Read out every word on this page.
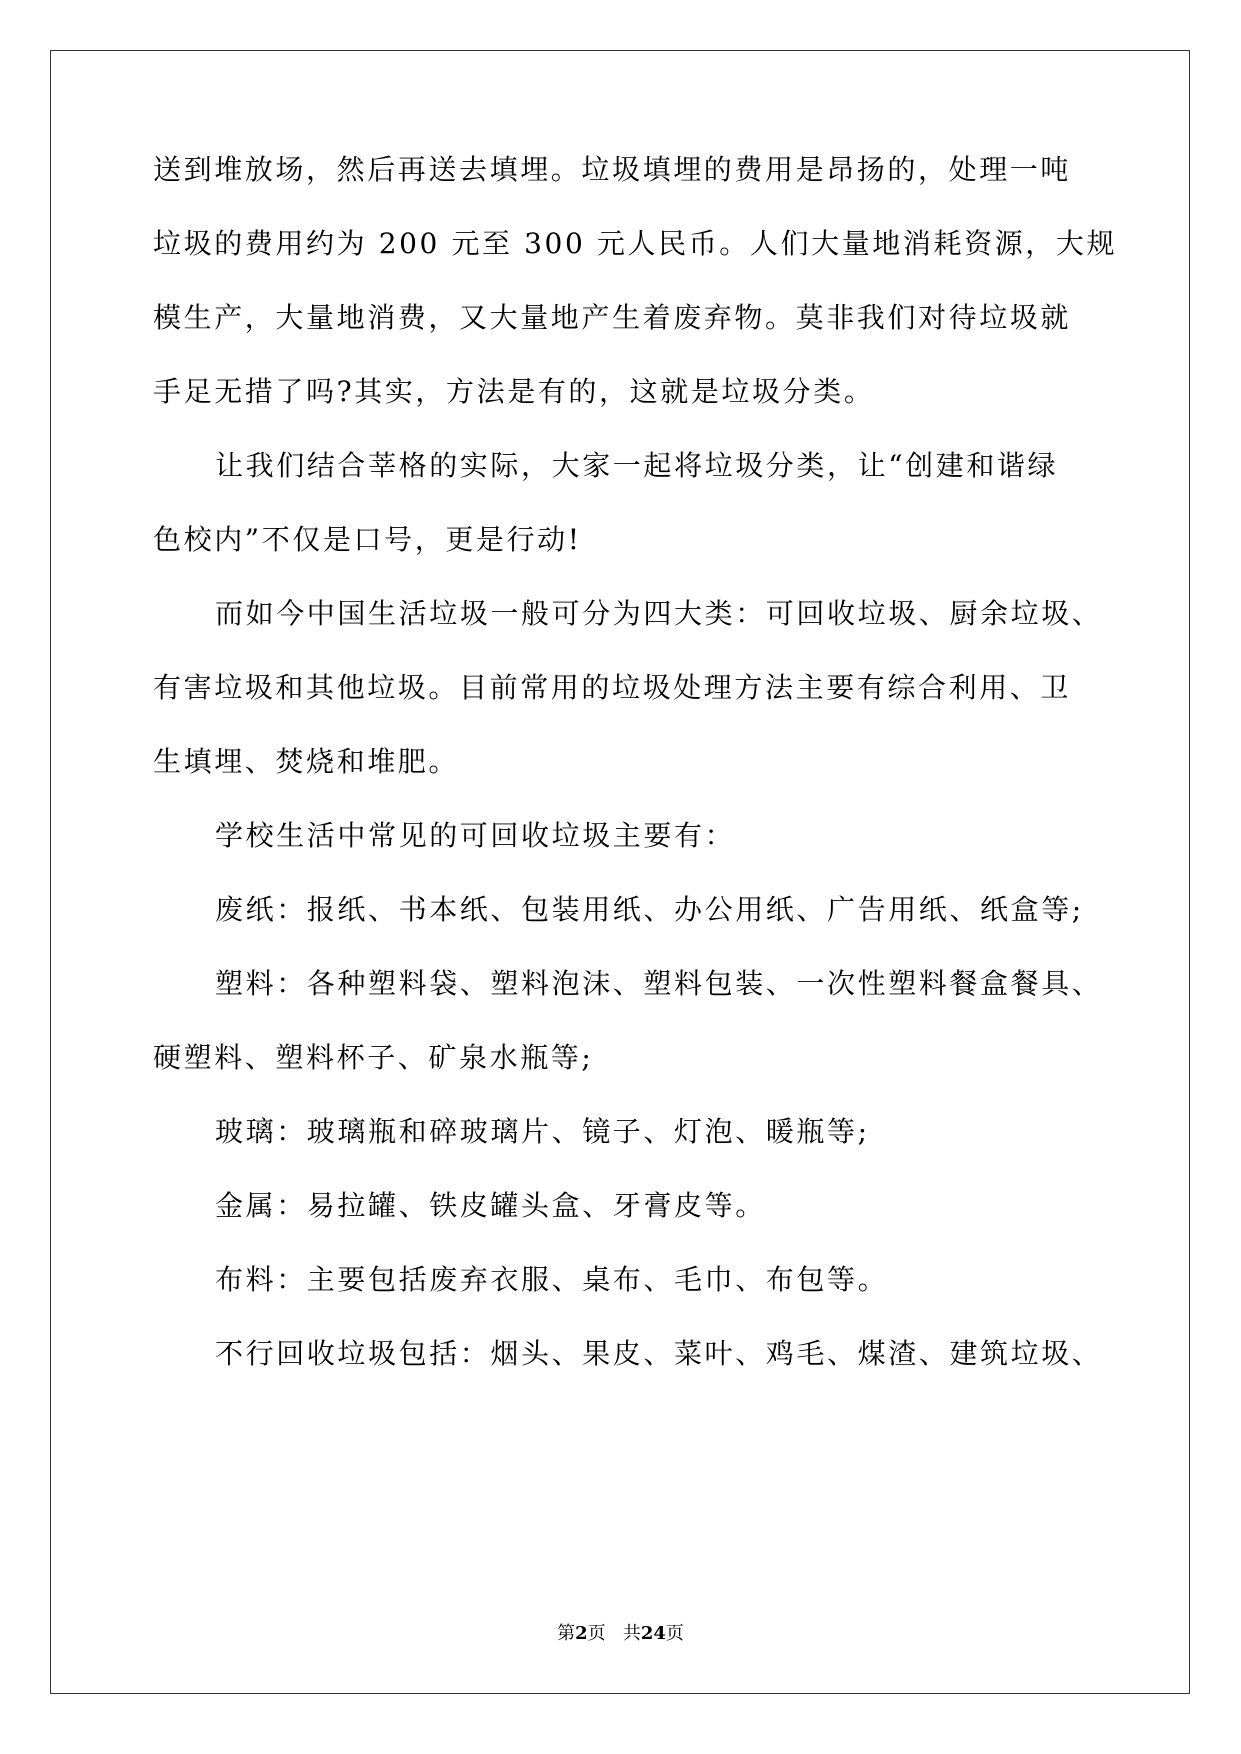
送到堆放场，然后再送去填埋。垃圾填埋的费用是昂扬的，处理一吨
垃圾的费用约为 200 元至 300 元人民币。人们大量地消耗资源，大规
模生产，大量地消费，又大量地产生着废弃物。莫非我们对待垃圾就
手足无措了吗?其实，方法是有的，这就是垃圾分类。
让我们结合莘格的实际，大家一起将垃圾分类，让“创建和谐绿
色校内”不仅是口号，更是行动!
而如今中国生活垃圾一般可分为四大类：可回收垃圾、厨余垃圾、
有害垃圾和其他垃圾。目前常用的垃圾处理方法主要有综合利用、卫
生填埋、焚烧和堆肥。
学校生活中常见的可回收垃圾主要有：
废纸：报纸、书本纸、包装用纸、办公用纸、广告用纸、纸盒等;
塑料：各种塑料袋、塑料泡沫、塑料包装、一次性塑料餐盒餐具、
硬塑料、塑料杯子、矿泉水瓶等;
玻璃：玻璃瓶和碎玻璃片、镜子、灯泡、暖瓶等;
金属：易拉罐、铁皮罐头盒、牙膏皮等。
布料：主要包括废弃衣服、桌布、毛巾、布包等。
不行回收垃圾包括：烟头、果皮、菜叶、鸡毛、煤渣、建筑垃圾、
第2页 共24页
